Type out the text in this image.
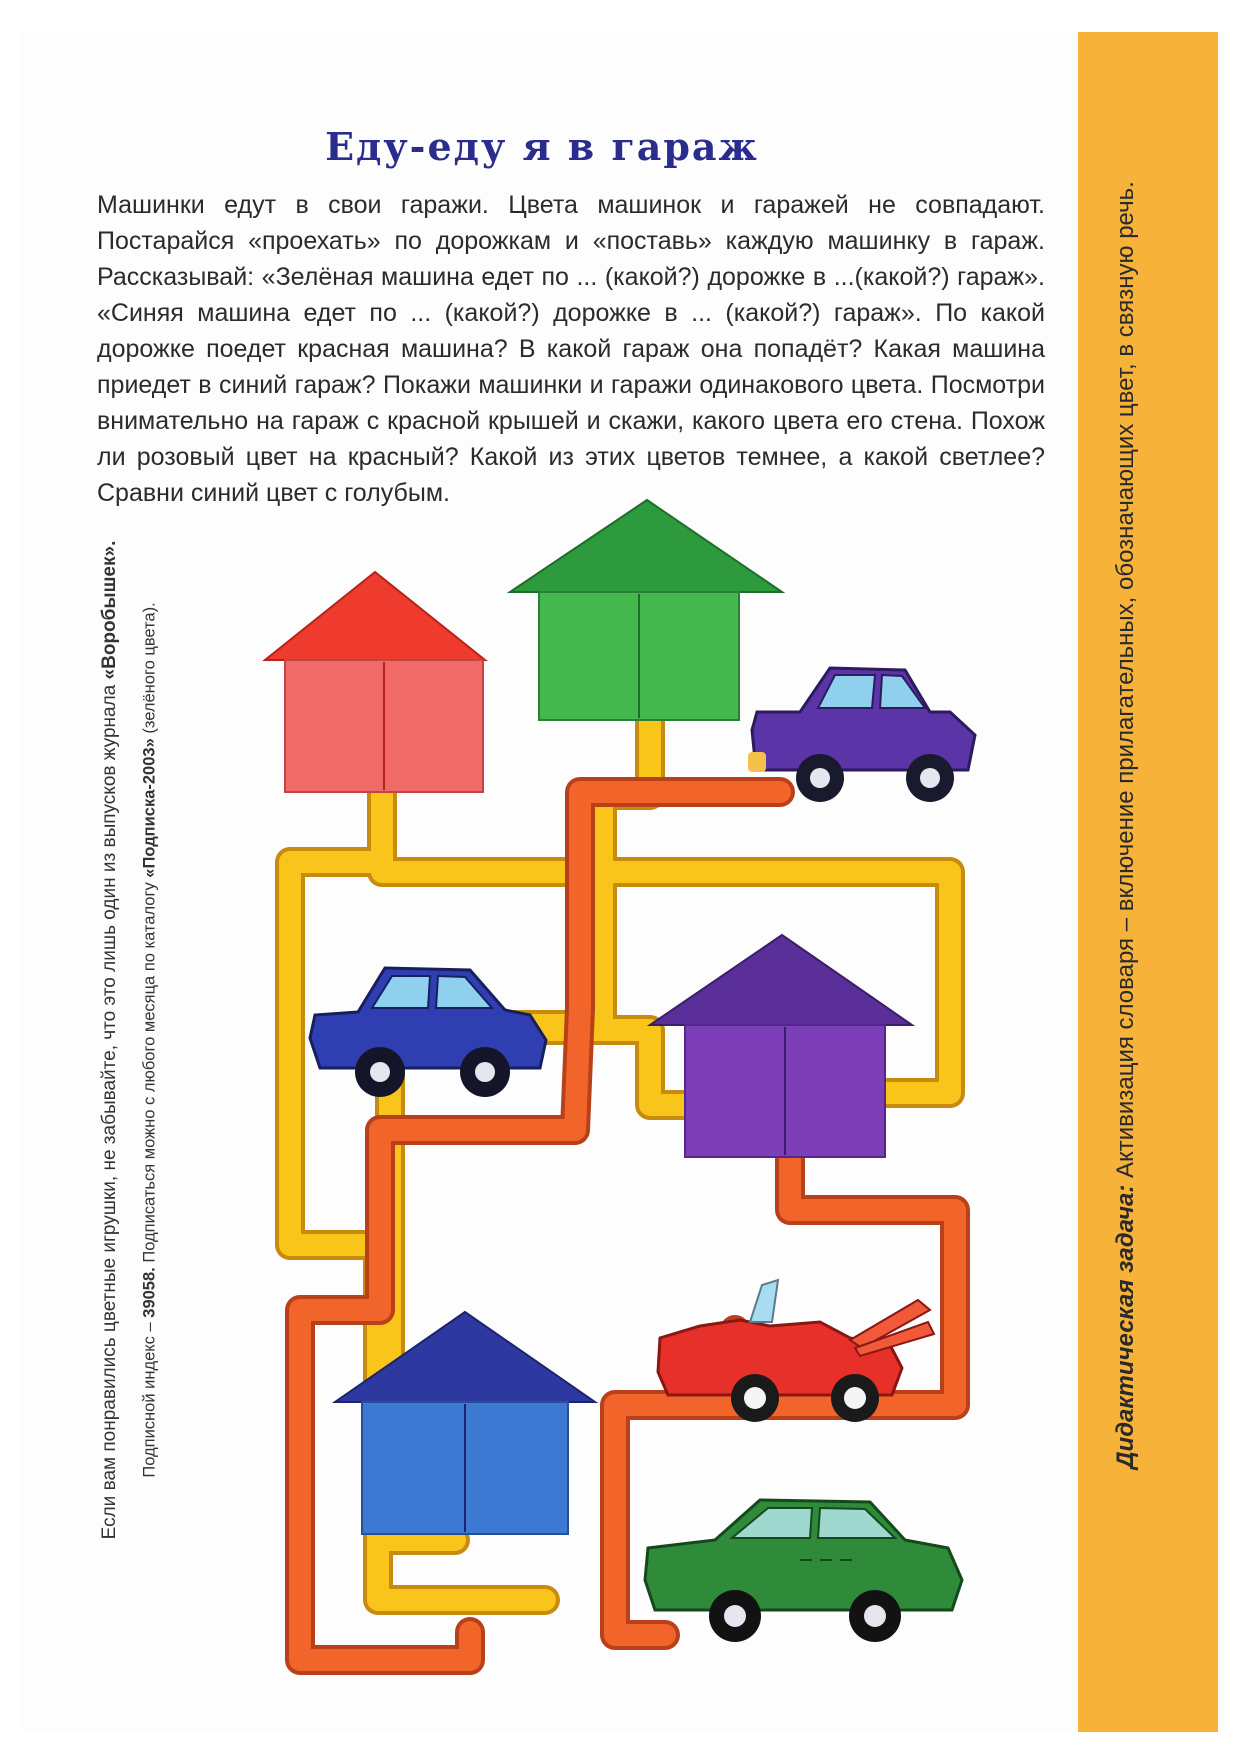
Еду-еду я в гараж

Машинки едут в свои гаражи. Цвета машинок и гаражей не совпадают. Постарайся «проехать» по дорожкам и «поставь» каждую машинку в гараж. Рассказывай: «Зелёная машина едет по ... (какой?) дорожке в ...(какой?) гараж». «Синяя машина едет по ... (какой?) дорожке в ... (какой?) гараж». По какой дорожке поедет красная машина? В какой гараж она попадёт? Какая машина приедет в синий гараж? Покажи машинки и гаражи одинакового цвета. Посмотри внимательно на гараж с красной крышей и скажи, какого цвета его стена. Похож ли розовый цвет на красный? Какой из этих цветов темнее, а какой светлее? Сравни синий цвет с голубым.

Дидактическая задача: Активизация словаря – включение прилагательных, обозначающих цвет, в связную речь.
Если вам понравились цветные игрушки, не забывайте, что это лишь один из выпусков журнала «Воробышек».
Подписной индекс – 39058. Подписаться можно с любого месяца по каталогу «Подписка-2003» (зелёного цвета).
